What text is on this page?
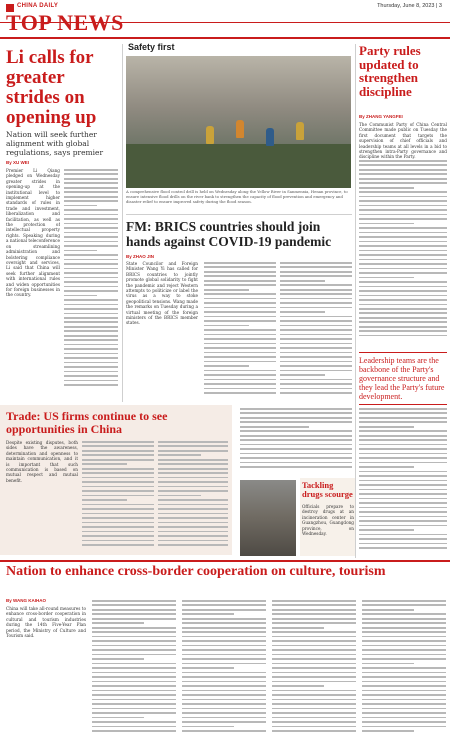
CHINA DAILY	Thursday, June 8, 2023 | 3
TOP NEWS
Li calls for greater strides on opening up
Nation will seek further alignment with global regulations, says premier
By XU WEI
Premier Li Qiang pledged on Wednesday greater strides in opening-up at the institutional level to implement higher standards of rules in trade and investment, liberalization and facilitation, as well as the protection of intellectual property rights. Speaking during a national teleconference on streamlining administration and bolstering compliance oversight and services, Li said that China will seek further alignment with international rules and widen opportunities for foreign businesses in the country.
Safety first
A comprehensive flood control drill is held on Wednesday along the Yellow River in Sanmenxia, Henan province, to ensure intensive flood drills on the river bank to strengthen the capacity of flood prevention and emergency and disaster relief to ensure improved safety during the flood season.
FM: BRICS countries should join hands against COVID-19 pandemic
By ZHAO JIN
State Councilor and Foreign Minister Wang Yi has called for BRICS countries to jointly promote global solidarity to fight the pandemic and reject Western attempts to politicize or label the virus as a way to stoke geopolitical tensions. Wang made the remarks on Tuesday during a virtual meeting of the foreign ministers of the BRICS member states.
Party rules updated to strengthen discipline
By ZHANG YANGFEI
The Communist Party of China Central Committee made public on Tuesday the first document that targets the supervision of chief officials and leadership teams at all levels in a bid to strengthen intra-Party governance and discipline within the Party.
Leadership teams are the backbone of the Party's governance structure and they lead the Party's future development.
Trade: US firms continue to see opportunities in China
Despite existing disputes, both sides have the awareness, determination and openness to maintain communication, and it is important that such communication is based on mutual respect and mutual benefit.	Tackling drugs scourge
Officials prepare to destroy drugs at an incineration center in Guangzhou, Guangdong province, on Wednesday.
Nation to enhance cross-border cooperation on culture, tourism
By WANG KAIHAO
China will take all-round measures to enhance cross-border cooperation in cultural and tourism industries during the 14th Five-Year Plan period, the Ministry of Culture and Tourism said.
